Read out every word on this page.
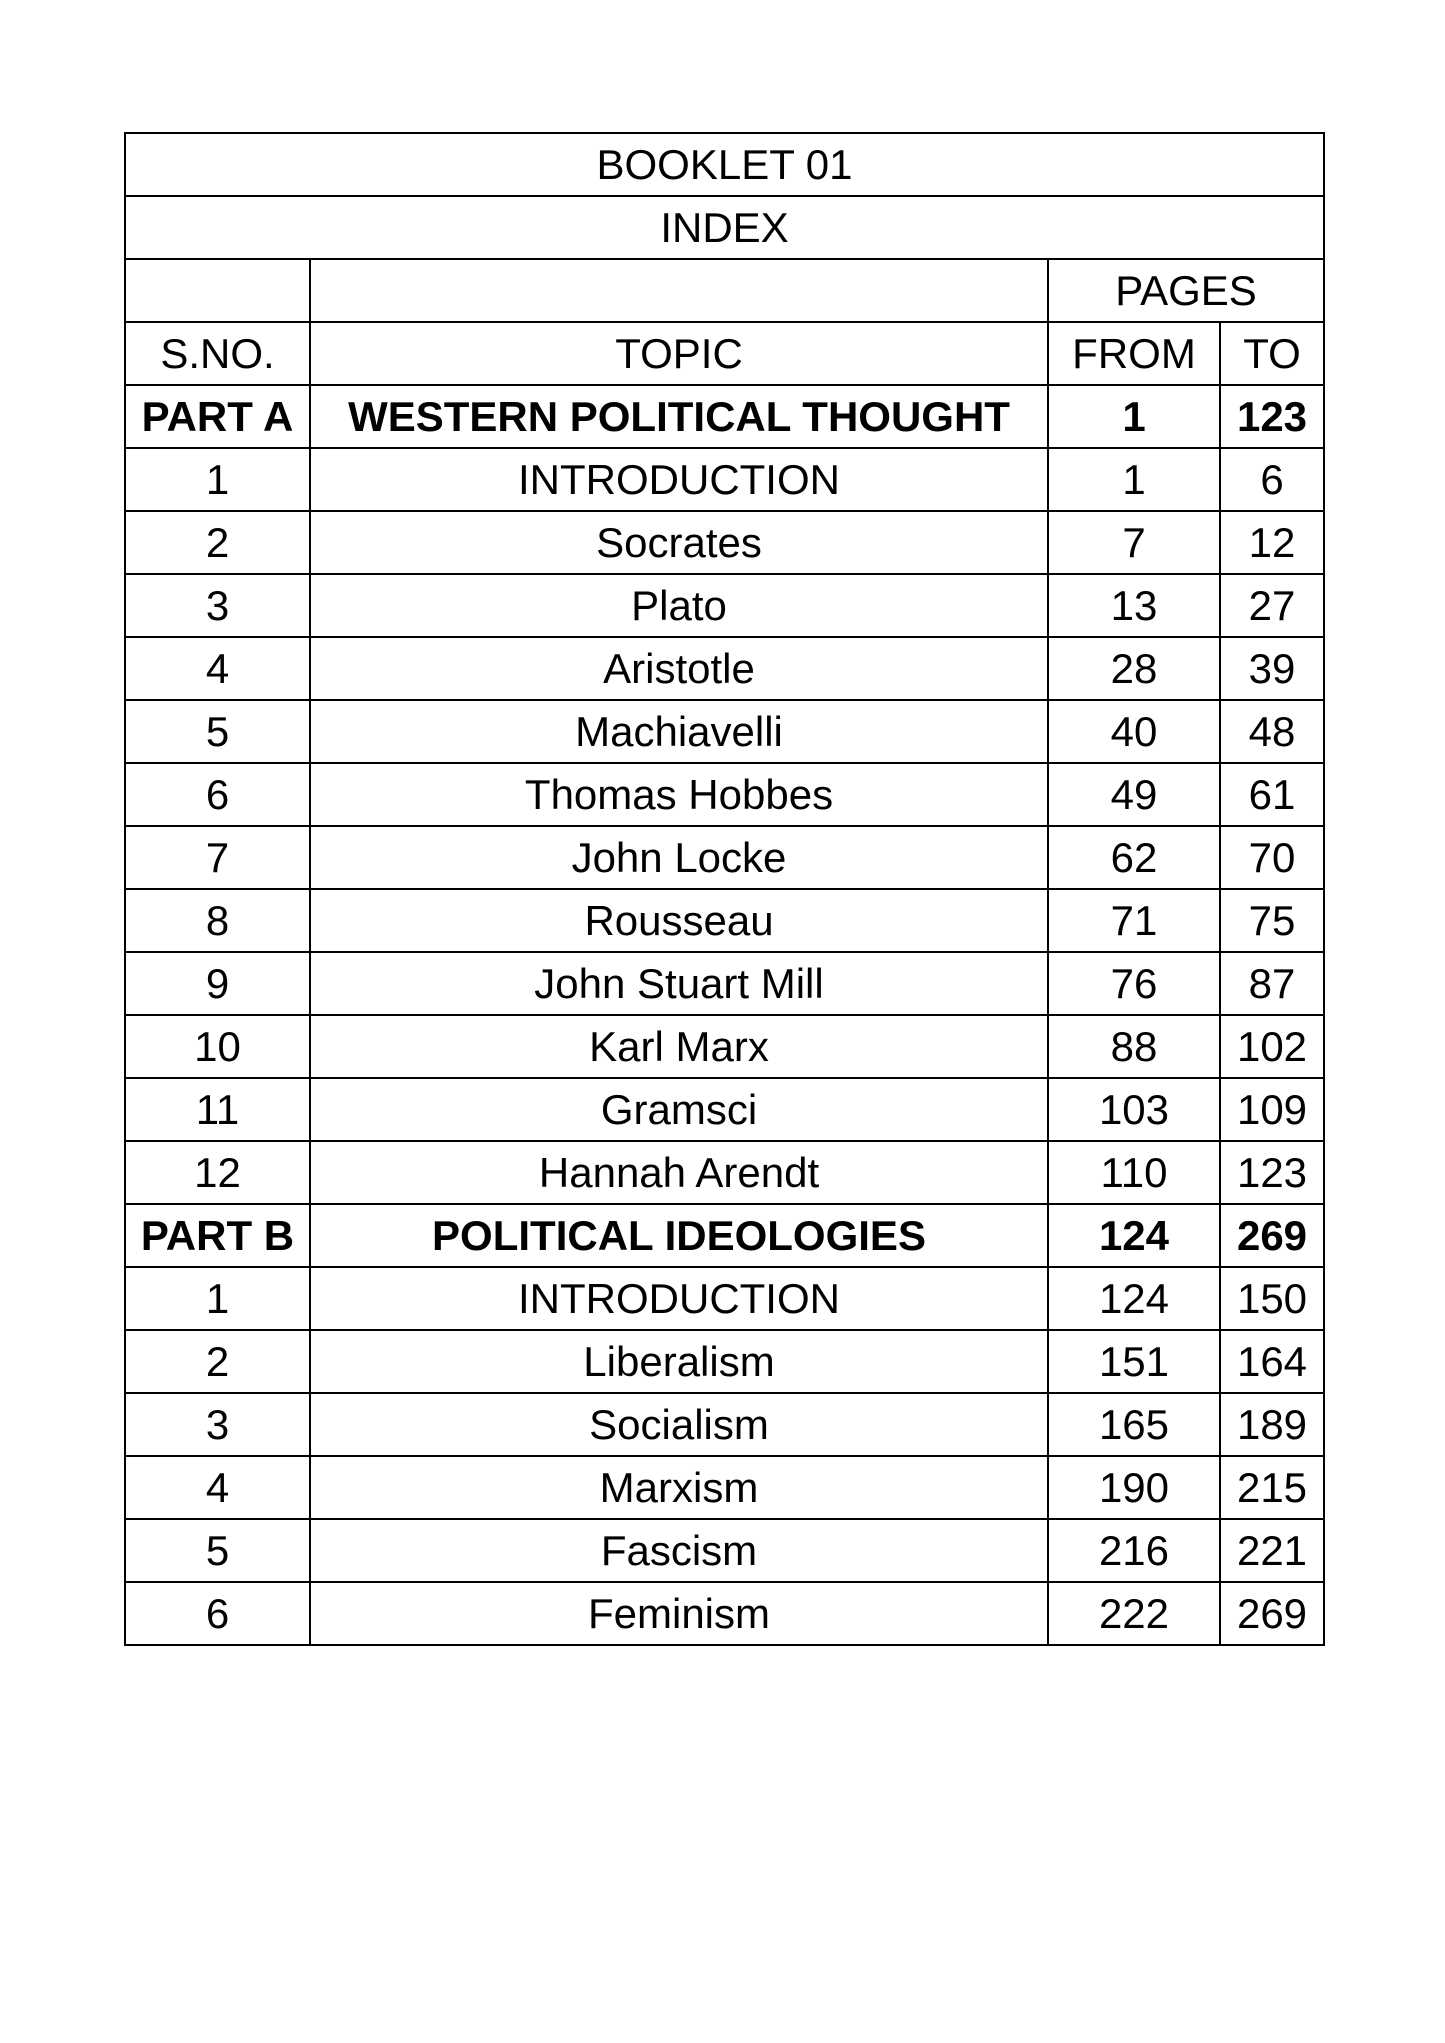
BOOKLET 01			
INDEX			
		PAGES	
S.NO.	TOPIC	FROM	TO
PART A	WESTERN POLITICAL THOUGHT	1	123
1	INTRODUCTION	1	6
2	Socrates	7	12
3	Plato	13	27
4	Aristotle	28	39
5	Machiavelli	40	48
6	Thomas Hobbes	49	61
7	John Locke	62	70
8	Rousseau	71	75
9	John Stuart Mill	76	87
10	Karl Marx	88	102
11	Gramsci	103	109
12	Hannah Arendt	110	123
PART B	POLITICAL IDEOLOGIES	124	269
1	INTRODUCTION	124	150
2	Liberalism	151	164
3	Socialism	165	189
4	Marxism	190	215
5	Fascism	216	221
6	Feminism	222	269
